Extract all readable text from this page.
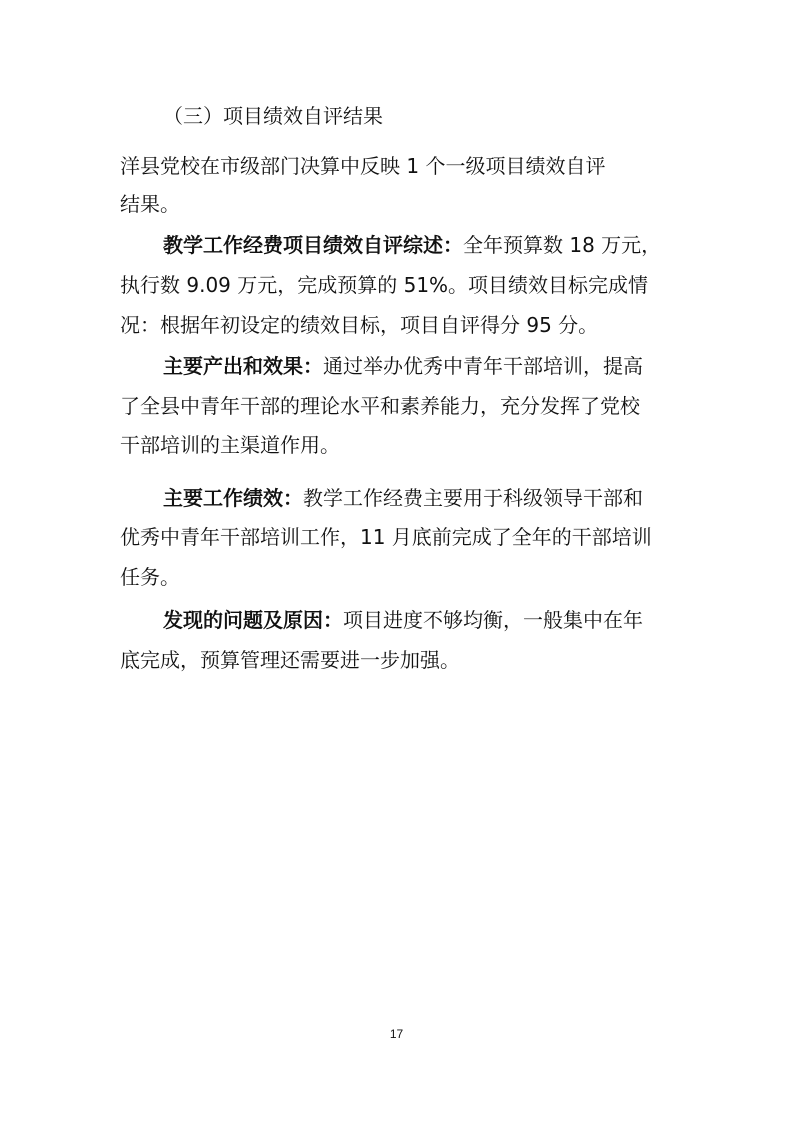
（三）项目绩效自评结果
洋县党校在市级部门决算中反映 1 个一级项目绩效自评
结果。
教学工作经费项目绩效自评综述：全年预算数 18 万元，
执行数 9.09 万元，完成预算的 51%。项目绩效目标完成情
况：根据年初设定的绩效目标，项目自评得分 95 分。
主要产出和效果：通过举办优秀中青年干部培训，提高
了全县中青年干部的理论水平和素养能力，充分发挥了党校
干部培训的主渠道作用。
主要工作绩效：教学工作经费主要用于科级领导干部和
优秀中青年干部培训工作，11 月底前完成了全年的干部培训
任务。
发现的问题及原因：项目进度不够均衡，一般集中在年
底完成，预算管理还需要进一步加强。
17
